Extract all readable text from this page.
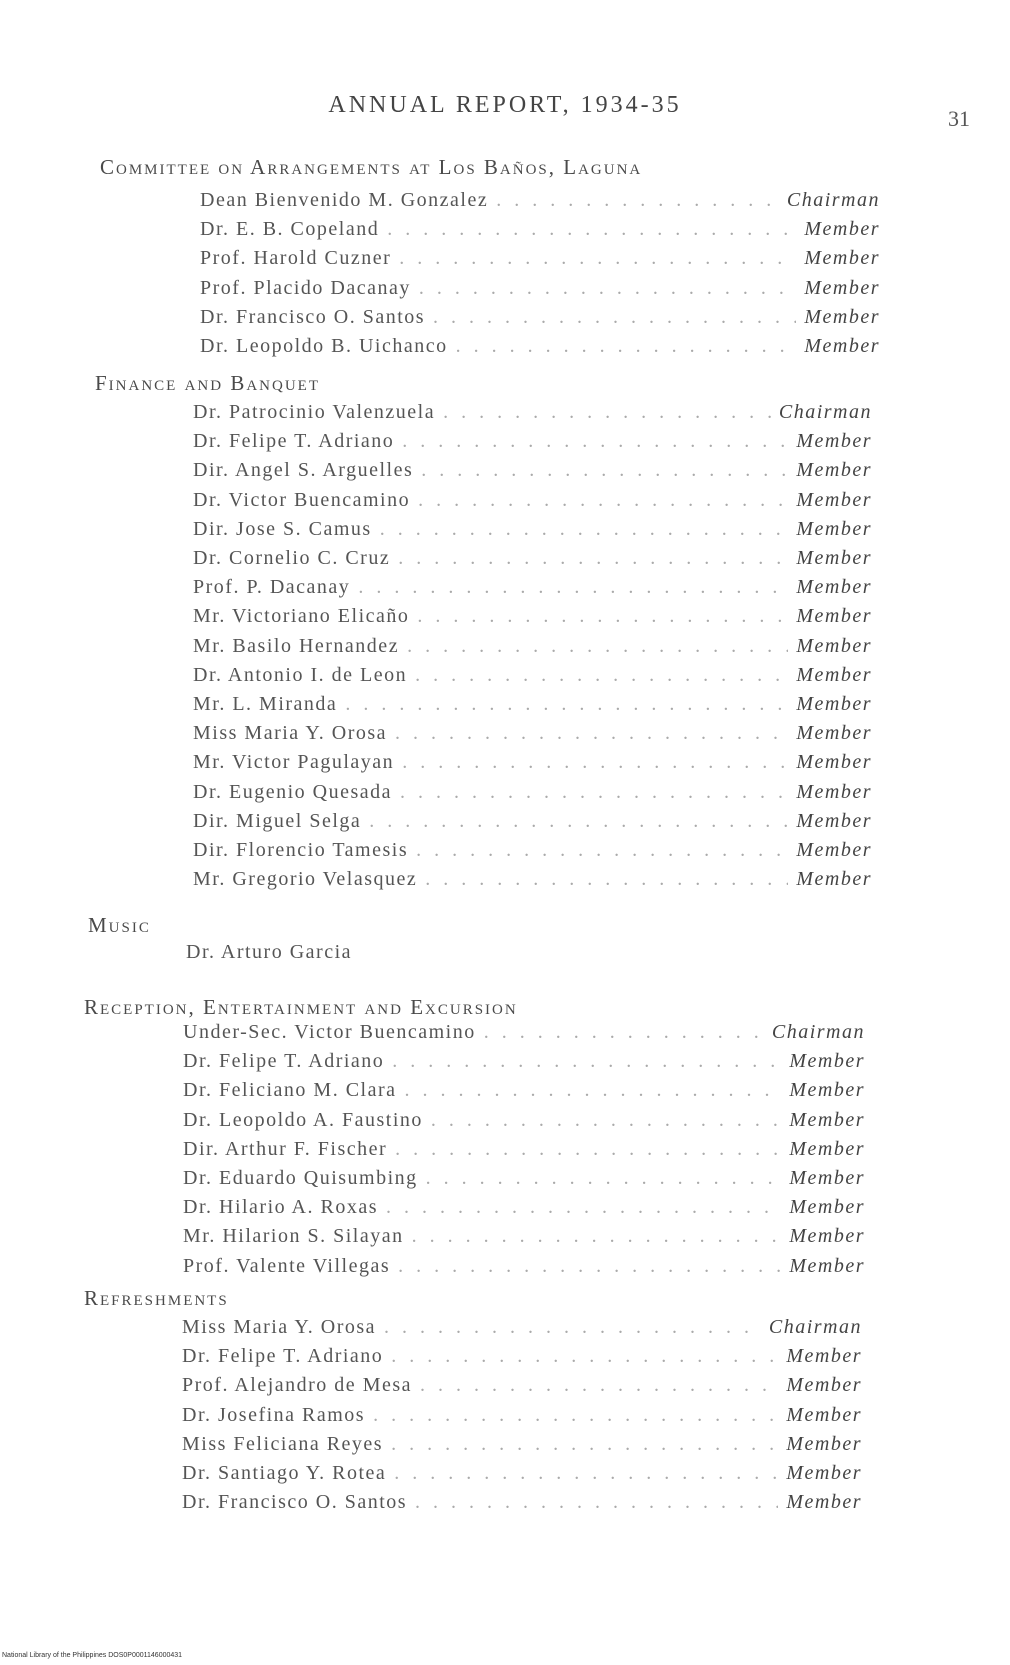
ANNUAL REPORT, 1934-35
31
Committee on Arrangements at Los Baños, Laguna
Dean Bienvenido M. Gonzalez . . .	Chairman
Dr. E. B. Copeland . . .	Member
Prof. Harold Cuzner . . .	Member
Prof. Placido Dacanay . . .	Member
Dr. Francisco O. Santos . . .	Member
Dr. Leopoldo B. Uichanco . . .	Member
Finance and Banquet
Dr. Patrocinio Valenzuela . . .	Chairman
Dr. Felipe T. Adriano . . .	Member
Dir. Angel S. Arguelles . . .	Member
Dr. Victor Buencamino . . .	Member
Dir. Jose S. Camus . . .	Member
Dr. Cornelio C. Cruz . . .	Member
Prof. P. Dacanay . . .	Member
Mr. Victoriano Elicaño . . .	Member
Mr. Basilo Hernandez . . .	Member
Dr. Antonio I. de Leon . . .	Member
Mr. L. Miranda . . .	Member
Miss Maria Y. Orosa . . .	Member
Mr. Victor Pagulayan . . .	Member
Dr. Eugenio Quesada . . .	Member
Dir. Miguel Selga . . .	Member
Dir. Florencio Tamesis . . .	Member
Mr. Gregorio Velasquez . . .	Member
Music
Dr. Arturo Garcia
Reception, Entertainment and Excursion
Under-Sec. Victor Buencamino . . .	Chairman
Dr. Felipe T. Adriano . . .	Member
Dr. Feliciano M. Clara . . .	Member
Dr. Leopoldo A. Faustino . . .	Member
Dir. Arthur F. Fischer . . .	Member
Dr. Eduardo Quisumbing . . .	Member
Dr. Hilario A. Roxas . . .	Member
Mr. Hilarion S. Silayan . . .	Member
Prof. Valente Villegas . . .	Member
Refreshments
Miss Maria Y. Orosa . . .	Chairman
Dr. Felipe T. Adriano . . .	Member
Prof. Alejandro de Mesa . . .	Member
Dr. Josefina Ramos . . .	Member
Miss Feliciana Reyes . . .	Member
Dr. Santiago Y. Rotea . . .	Member
Dr. Francisco O. Santos . . .	Member
National Library of the Philippines DOS0P0001146000431
